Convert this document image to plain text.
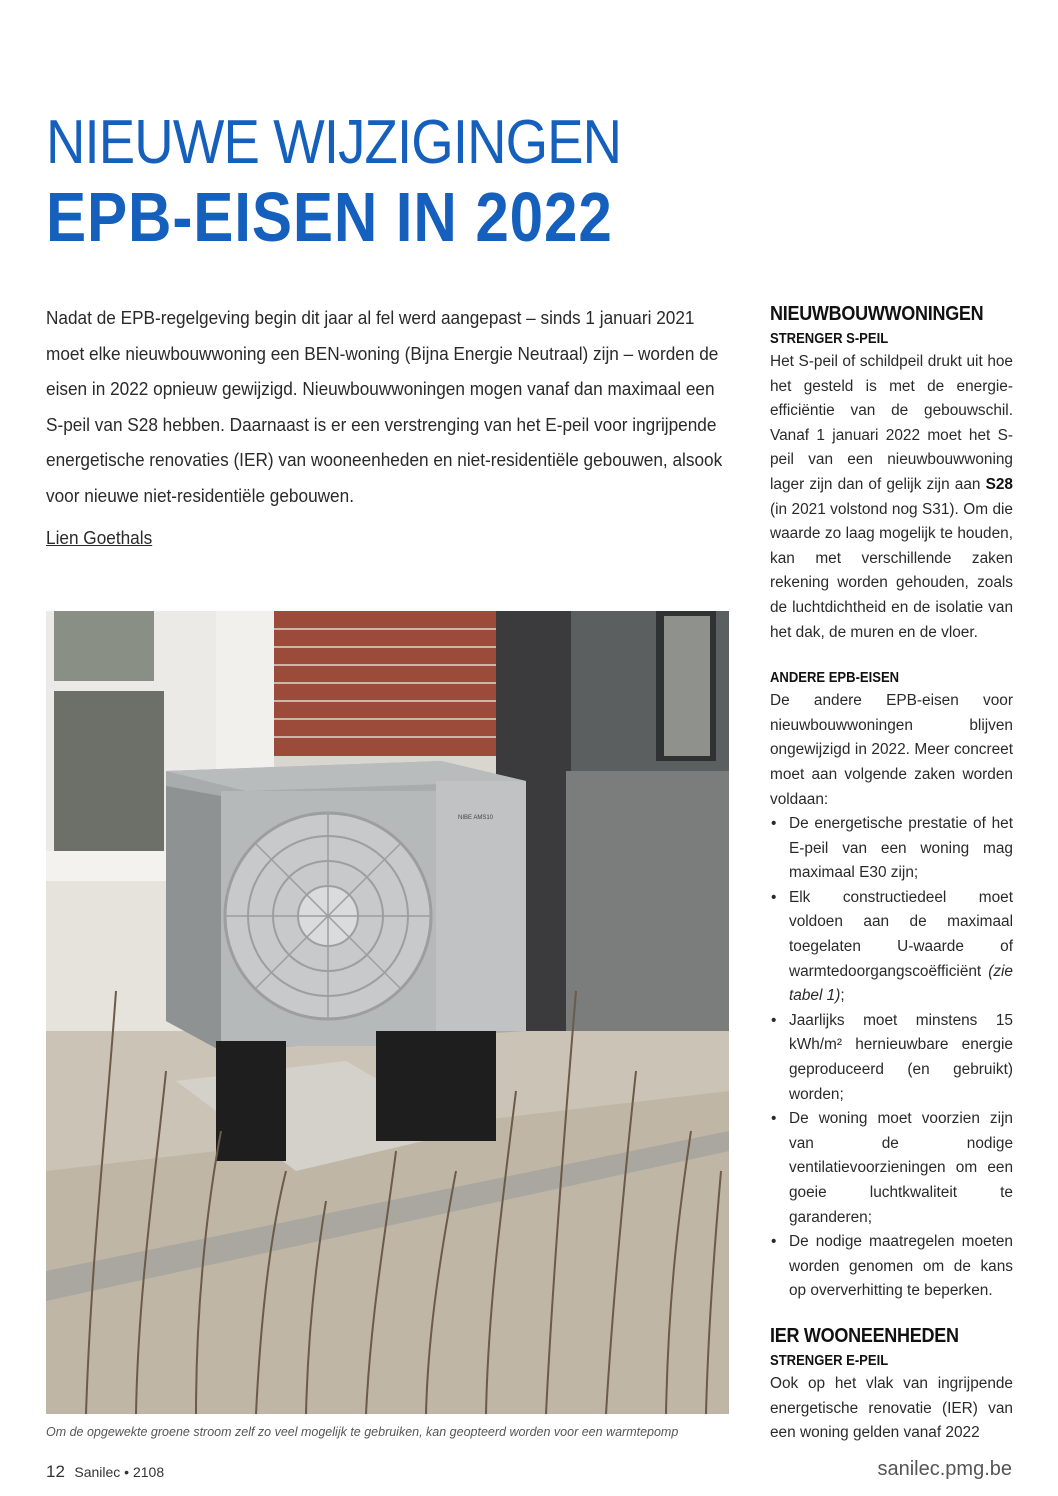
NIEUWE WIJZIGINGEN
EPB-EISEN IN 2022

Nadat de EPB-regelgeving begin dit jaar al fel werd aangepast – sinds 1 januari 2021 moet elke nieuwbouwwoning een BEN-woning (Bijna Energie Neutraal) zijn – worden de eisen in 2022 opnieuw gewijzigd. Nieuwbouwwoningen mogen vanaf dan maximaal een S-peil van S28 hebben. Daarnaast is er een verstrenging van het E-peil voor ingrijpende energetische renovaties (IER) van wooneenheden en niet-residentiële gebouwen, alsook voor nieuwe niet-residentiële gebouwen.

Lien Goethals

NIBE AMS10

Om de opgewekte groene stroom zelf zo veel mogelijk te gebruiken, kan geopteerd worden voor een warmtepomp

NIEUWBOUWWONINGEN
STRENGER S-PEIL

Het S-peil of schildpeil drukt uit hoe het gesteld is met de energie-efficiëntie van de gebouwschil. Vanaf 1 januari 2022 moet het S-peil van een nieuwbouwwoning lager zijn dan of gelijk zijn aan S28 (in 2021 volstond nog S31). Om die waarde zo laag mogelijk te houden, kan met verschillende zaken rekening worden gehouden, zoals de luchtdichtheid en de isolatie van het dak, de muren en de vloer.

ANDERE EPB-EISEN

De andere EPB-eisen voor nieuwbouwwoningen blijven ongewijzigd in 2022. Meer concreet moet aan volgende zaken worden voldaan:

• De energetische prestatie of het E-peil van een woning mag maximaal E30 zijn;
• Elk constructiedeel moet voldoen aan de maximaal toegelaten U-waarde of warmtedoorgangscoëfficiënt (zie tabel 1);
• Jaarlijks moet minstens 15 kWh/m² hernieuwbare energie geproduceerd (en gebruikt) worden;
• De woning moet voorzien zijn van de nodige ventilatievoorzieningen om een goeie luchtkwaliteit te garanderen;
• De nodige maatregelen moeten worden genomen om de kans op oververhitting te beperken.
IER WOONEENHEDEN
STRENGER E-PEIL

Ook op het vlak van ingrijpende energetische renovatie (IER) van een woning gelden vanaf 2022

12 Sanilec • 2108	sanilec.pmg.be
